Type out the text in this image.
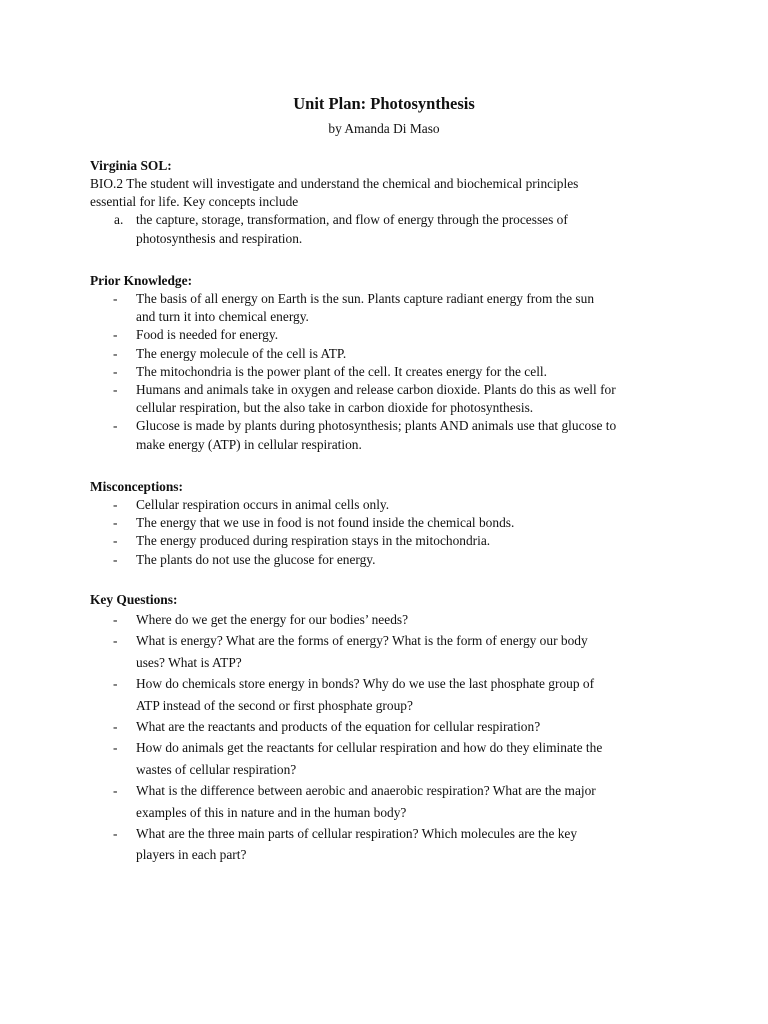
Unit Plan: Photosynthesis
by Amanda Di Maso
Virginia SOL:
BIO.2 The student will investigate and understand the chemical and biochemical principles
essential for life. Key concepts include
a. the capture, storage, transformation, and flow of energy through the processes of
photosynthesis and respiration.
Prior Knowledge:
- The basis of all energy on Earth is the sun. Plants capture radiant energy from the sun
and turn it into chemical energy.
- Food is needed for energy.
- The energy molecule of the cell is ATP.
- The mitochondria is the power plant of the cell. It creates energy for the cell.
- Humans and animals take in oxygen and release carbon dioxide. Plants do this as well for
cellular respiration, but the also take in carbon dioxide for photosynthesis.
- Glucose is made by plants during photosynthesis; plants AND animals use that glucose to
make energy (ATP) in cellular respiration.
Misconceptions:
- Cellular respiration occurs in animal cells only.
- The energy that we use in food is not found inside the chemical bonds.
- The energy produced during respiration stays in the mitochondria.
- The plants do not use the glucose for energy.
Key Questions:
- Where do we get the energy for our bodies’ needs?
- What is energy? What are the forms of energy? What is the form of energy our body
uses? What is ATP?
- How do chemicals store energy in bonds? Why do we use the last phosphate group of
ATP instead of the second or first phosphate group?
- What are the reactants and products of the equation for cellular respiration?
- How do animals get the reactants for cellular respiration and how do they eliminate the
wastes of cellular respiration?
- What is the difference between aerobic and anaerobic respiration? What are the major
examples of this in nature and in the human body?
- What are the three main parts of cellular respiration? Which molecules are the key
players in each part?
